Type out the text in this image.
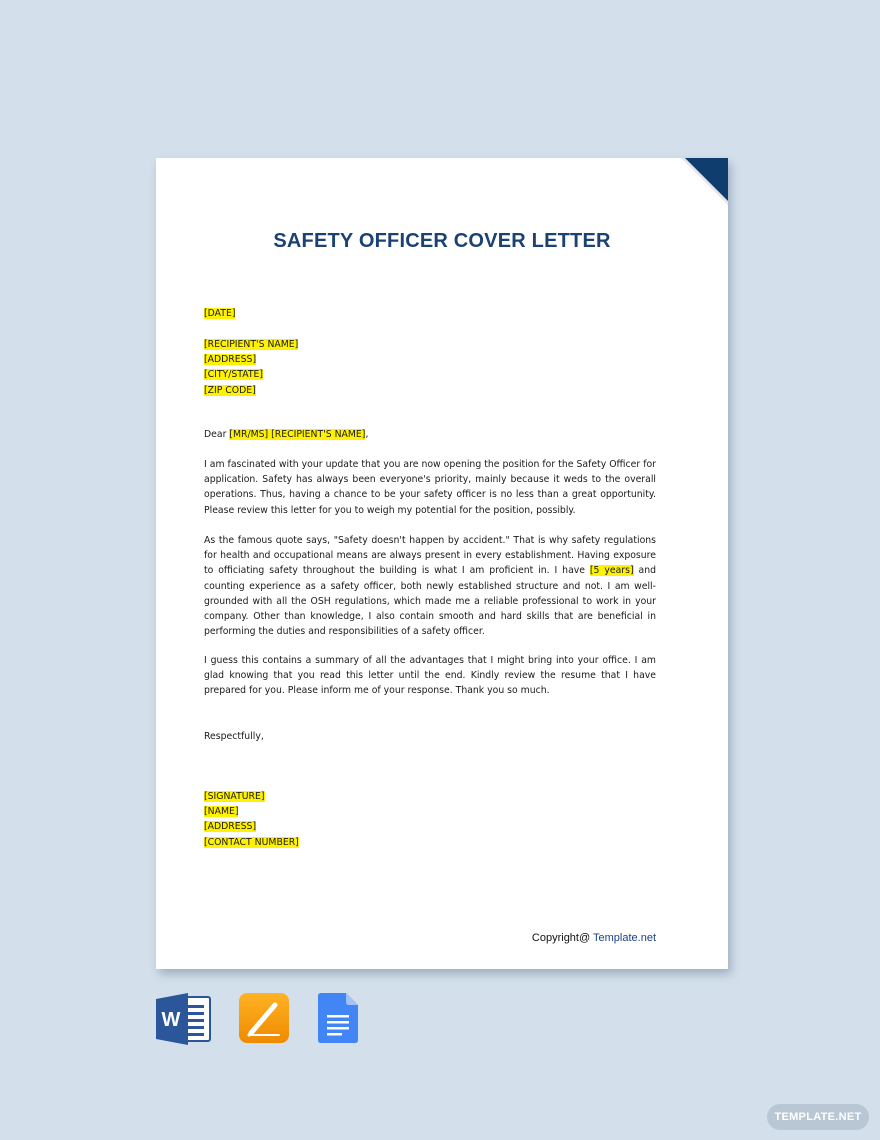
SAFETY OFFICER COVER LETTER
[DATE]
[RECIPIENT'S NAME]
[ADDRESS]
[CITY/STATE]
[ZIP CODE]
Dear [MR/MS] [RECIPIENT'S NAME],

I am fascinated with your update that you are now opening the position for the Safety Officer for application. Safety has always been everyone's priority, mainly because it weds to the overall operations. Thus, having a chance to be your safety officer is no less than a great opportunity. Please review this letter for you to weigh my potential for the position, possibly.

As the famous quote says, "Safety doesn't happen by accident." That is why safety regulations for health and occupational means are always present in every establishment. Having exposure to officiating safety throughout the building is what I am proficient in. I have [5 years] and counting experience as a safety officer, both newly established structure and not. I am well-grounded with all the OSH regulations, which made me a reliable professional to work in your company. Other than knowledge, I also contain smooth and hard skills that are beneficial in performing the duties and responsibilities of a safety officer.

I guess this contains a summary of all the advantages that I might bring into your office. I am glad knowing that you read this letter until the end. Kindly review the resume that I have prepared for you. Please inform me of your response. Thank you so much.

Respectfully,
[SIGNATURE]
[NAME]
[ADDRESS]
[CONTACT NUMBER]
Copyright@ Template.net
W
TEMPLATE.NET
